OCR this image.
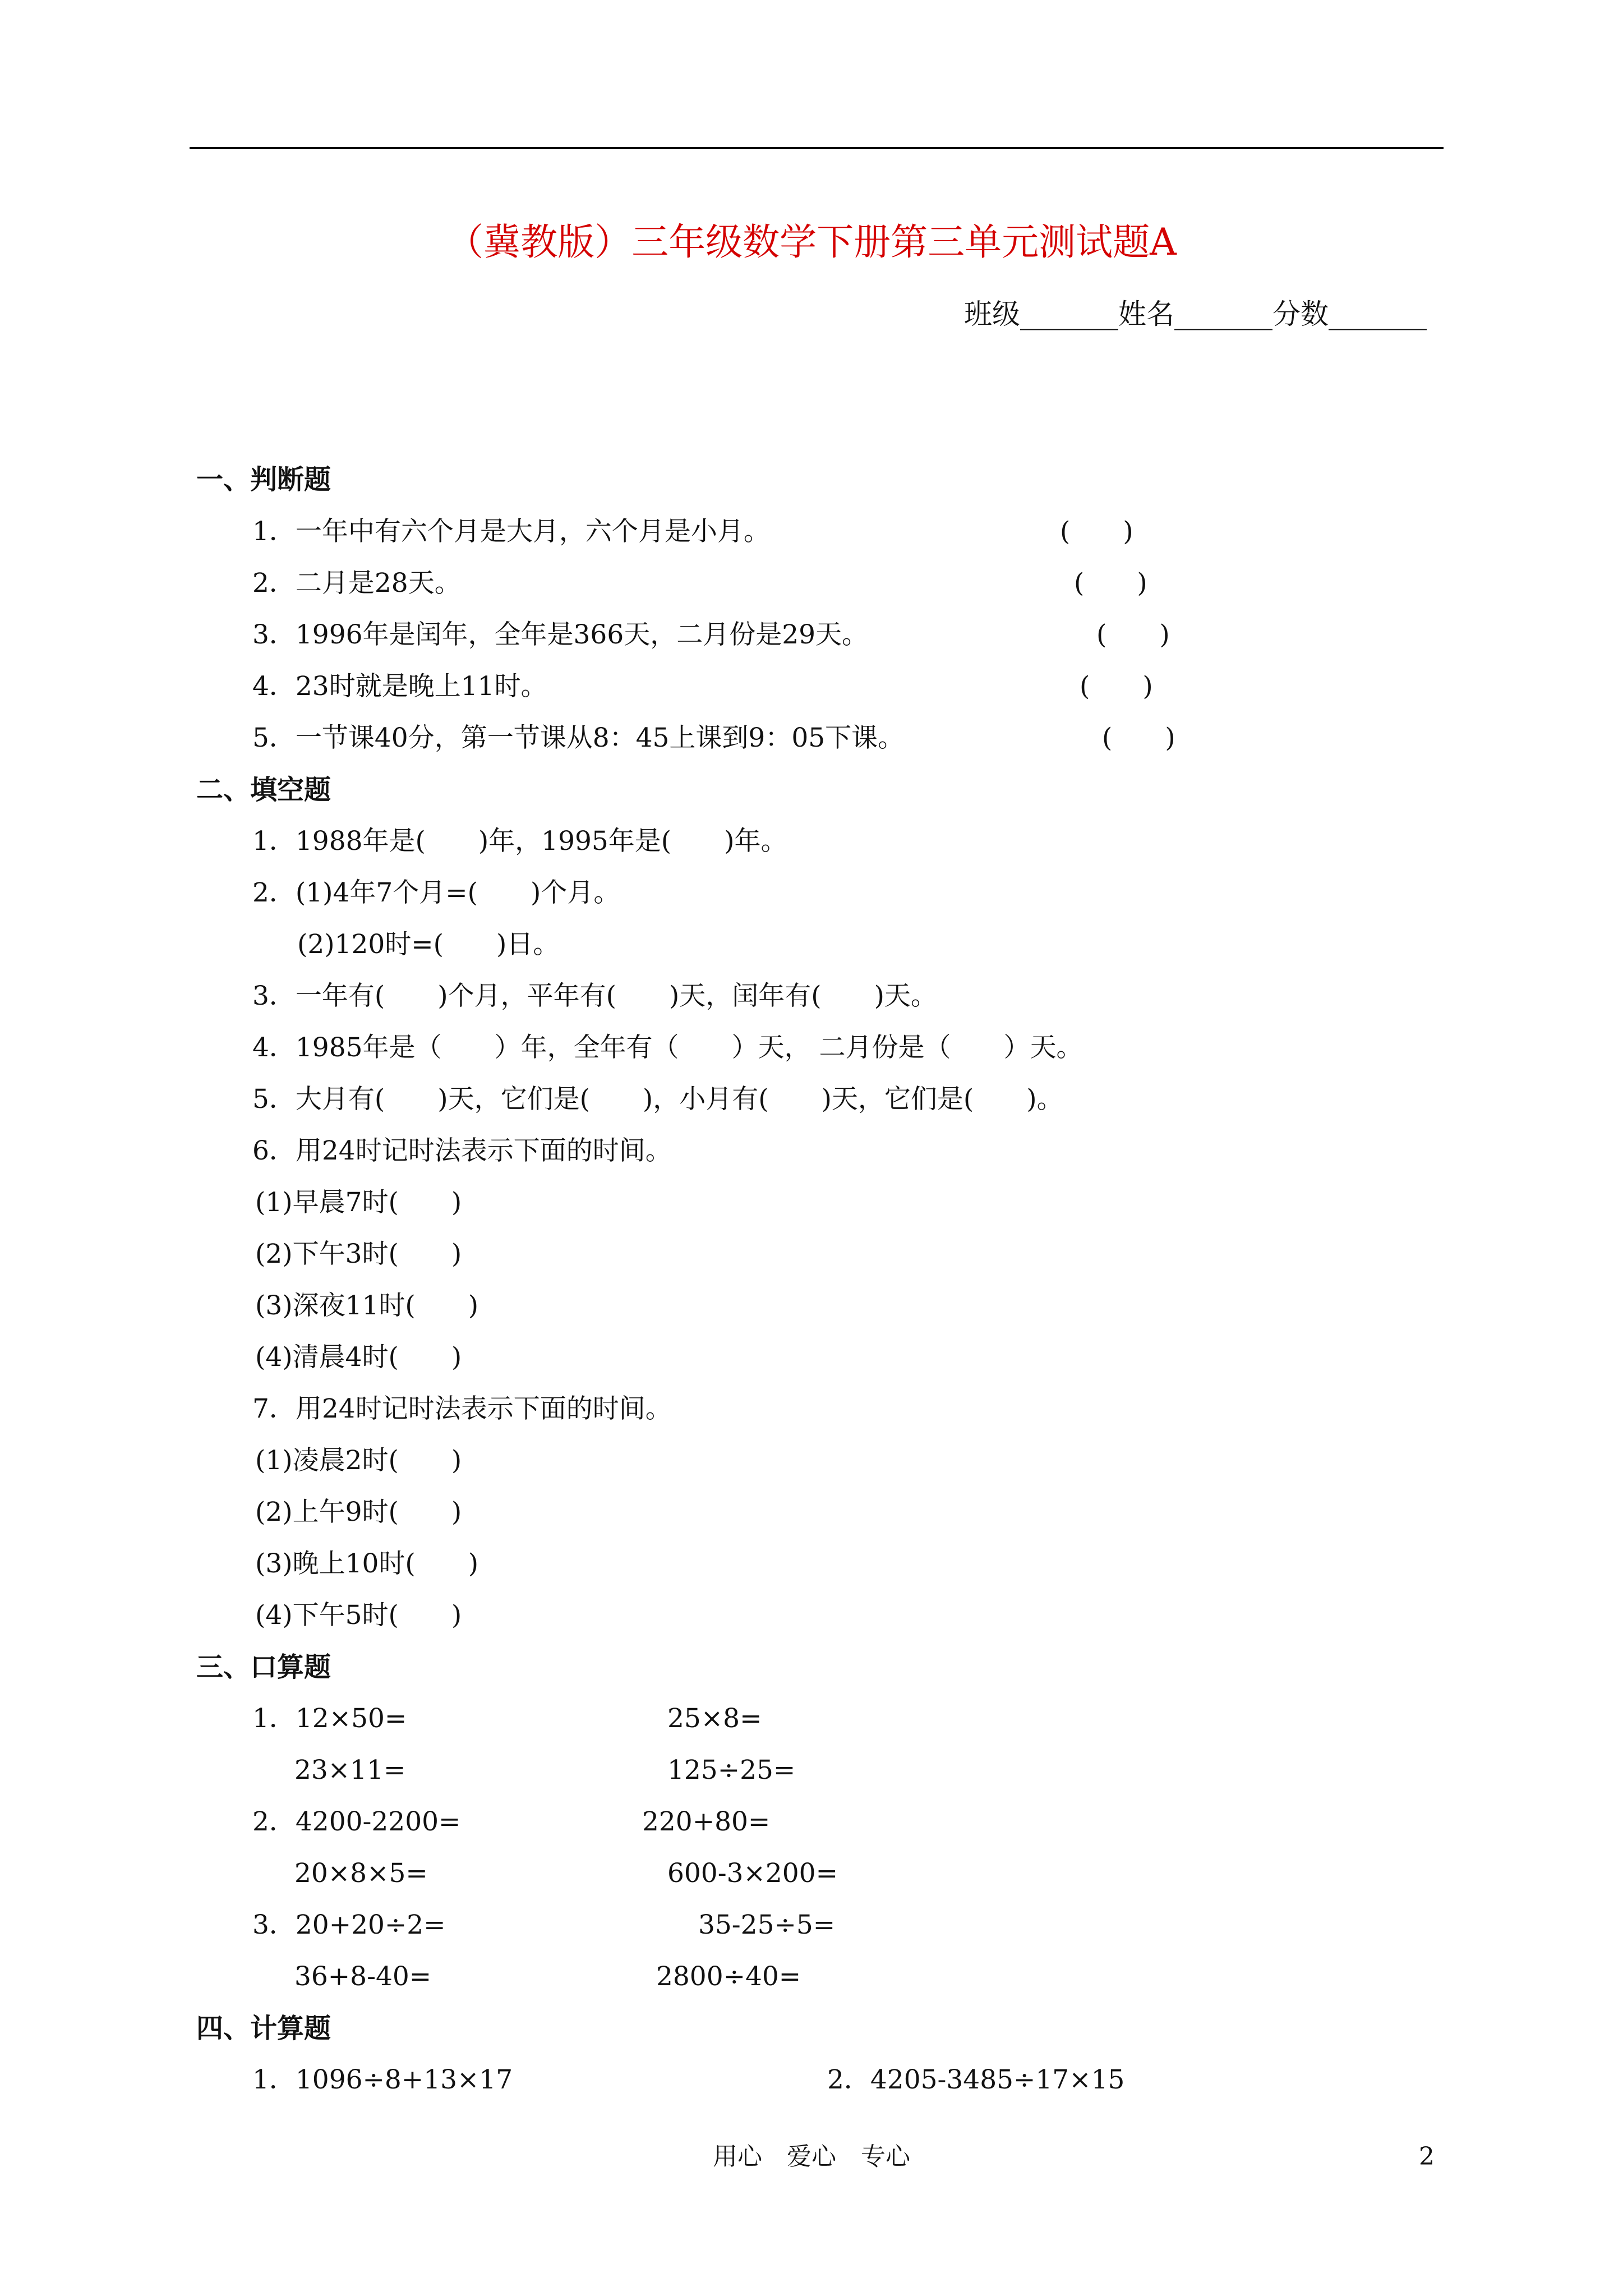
（冀教版）三年级数学下册第三单元测试题A
班级_______姓名_______分数_______
一、判断题
1．一年中有六个月是大月，六个月是小月。	(　　)
2．二月是28天。	(　　)
3．1996年是闰年，全年是366天，二月份是29天。	(　　)
4．23时就是晚上11时。	(　　)
5．一节课40分，第一节课从8：45上课到9：05下课。	(　　)
二、填空题
1．1988年是(　　)年，1995年是(　　)年。
2．(1)4年7个月=(　　)个月。
(2)120时=(　　)日。
3．一年有(　　)个月，平年有(　　)天，闰年有(　　)天。
4．1985年是（　　）年，全年有（　　）天， 二月份是（　　）天。
5．大月有(　　)天，它们是(　　)，小月有(　　)天，它们是(　　)。
6．用24时记时法表示下面的时间。
(1)早晨7时(　　)
(2)下午3时(　　)
(3)深夜11时(　　)
(4)清晨4时(　　)
7．用24时记时法表示下面的时间。
(1)凌晨2时(　　)
(2)上午9时(　　)
(3)晚上10时(　　)
(4)下午5时(　　)
三、口算题
1．12×50=	25×8=
23×11=	125÷25=
2．4200-2200=	220+80=
20×8×5=	600-3×200=
3．20+20÷2=	35-25÷5=
36+8-40=	2800÷40=
四、计算题
1．1096÷8+13×17	2．4205-3485÷17×15
用心　爱心　专心	2
